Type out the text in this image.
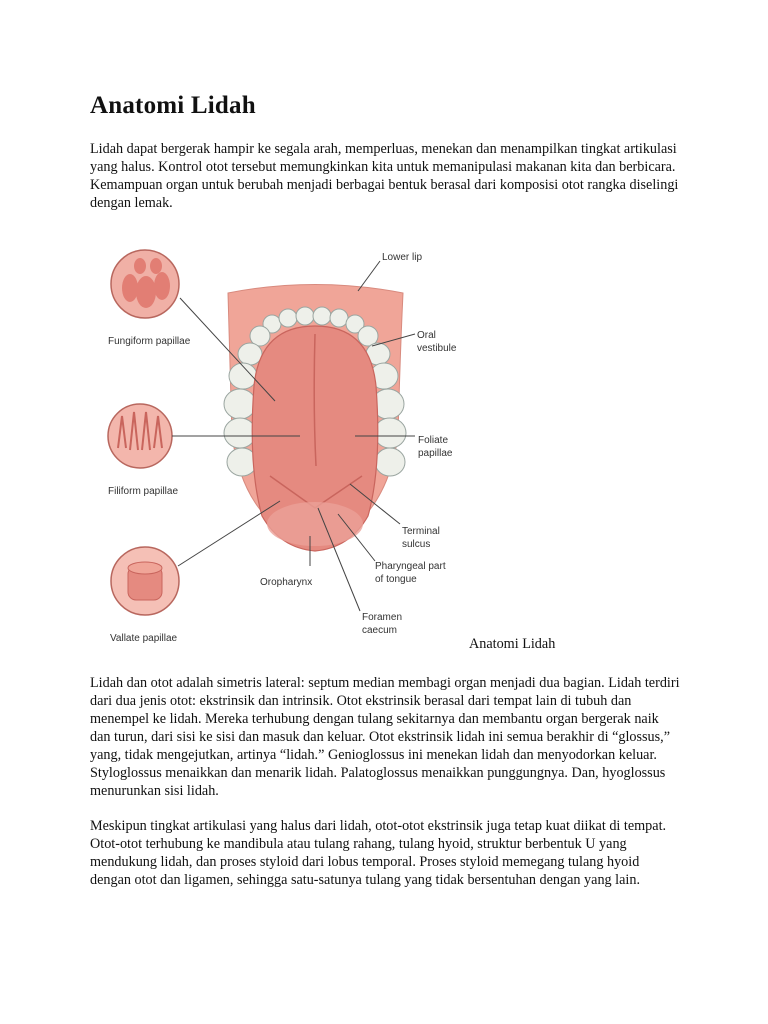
Anatomi Lidah

Lidah dapat bergerak hampir ke segala arah, memperluas, menekan dan menampilkan tingkat artikulasi yang halus. Kontrol otot tersebut memungkinkan kita untuk memanipulasi makanan kita dan berbicara. Kemampuan organ untuk berubah menjadi berbagai bentuk berasal dari komposisi otot rangka diselingi dengan lemak.

Lower lip
Oral
vestibule
Fungiform papillae
Foliate
papillae
Filiform papillae
Terminal
sulcus
Pharyngeal part
of tongue
Oropharynx
Foramen
caecum
Vallate papillae	Anatomi Lidah

Lidah dan otot adalah simetris lateral: septum median membagi organ menjadi dua bagian. Lidah terdiri dari dua jenis otot: ekstrinsik dan intrinsik. Otot ekstrinsik berasal dari tempat lain di tubuh dan menempel ke lidah. Mereka terhubung dengan tulang sekitarnya dan membantu organ bergerak naik dan turun, dari sisi ke sisi dan masuk dan keluar. Otot ekstrinsik lidah ini semua berakhir di “glossus,” yang, tidak mengejutkan, artinya “lidah.” Genioglossus ini menekan lidah dan menyodorkan keluar. Styloglossus menaikkan dan menarik lidah. Palatoglossus menaikkan punggungnya. Dan, hyoglossus menurunkan sisi lidah.

Meskipun tingkat artikulasi yang halus dari lidah, otot-otot ekstrinsik juga tetap kuat diikat di tempat. Otot-otot terhubung ke mandibula atau tulang rahang, tulang hyoid, struktur berbentuk U yang mendukung lidah, dan proses styloid dari lobus temporal. Proses styloid memegang tulang hyoid dengan otot dan ligamen, sehingga satu-satunya tulang yang tidak bersentuhan dengan yang lain.
